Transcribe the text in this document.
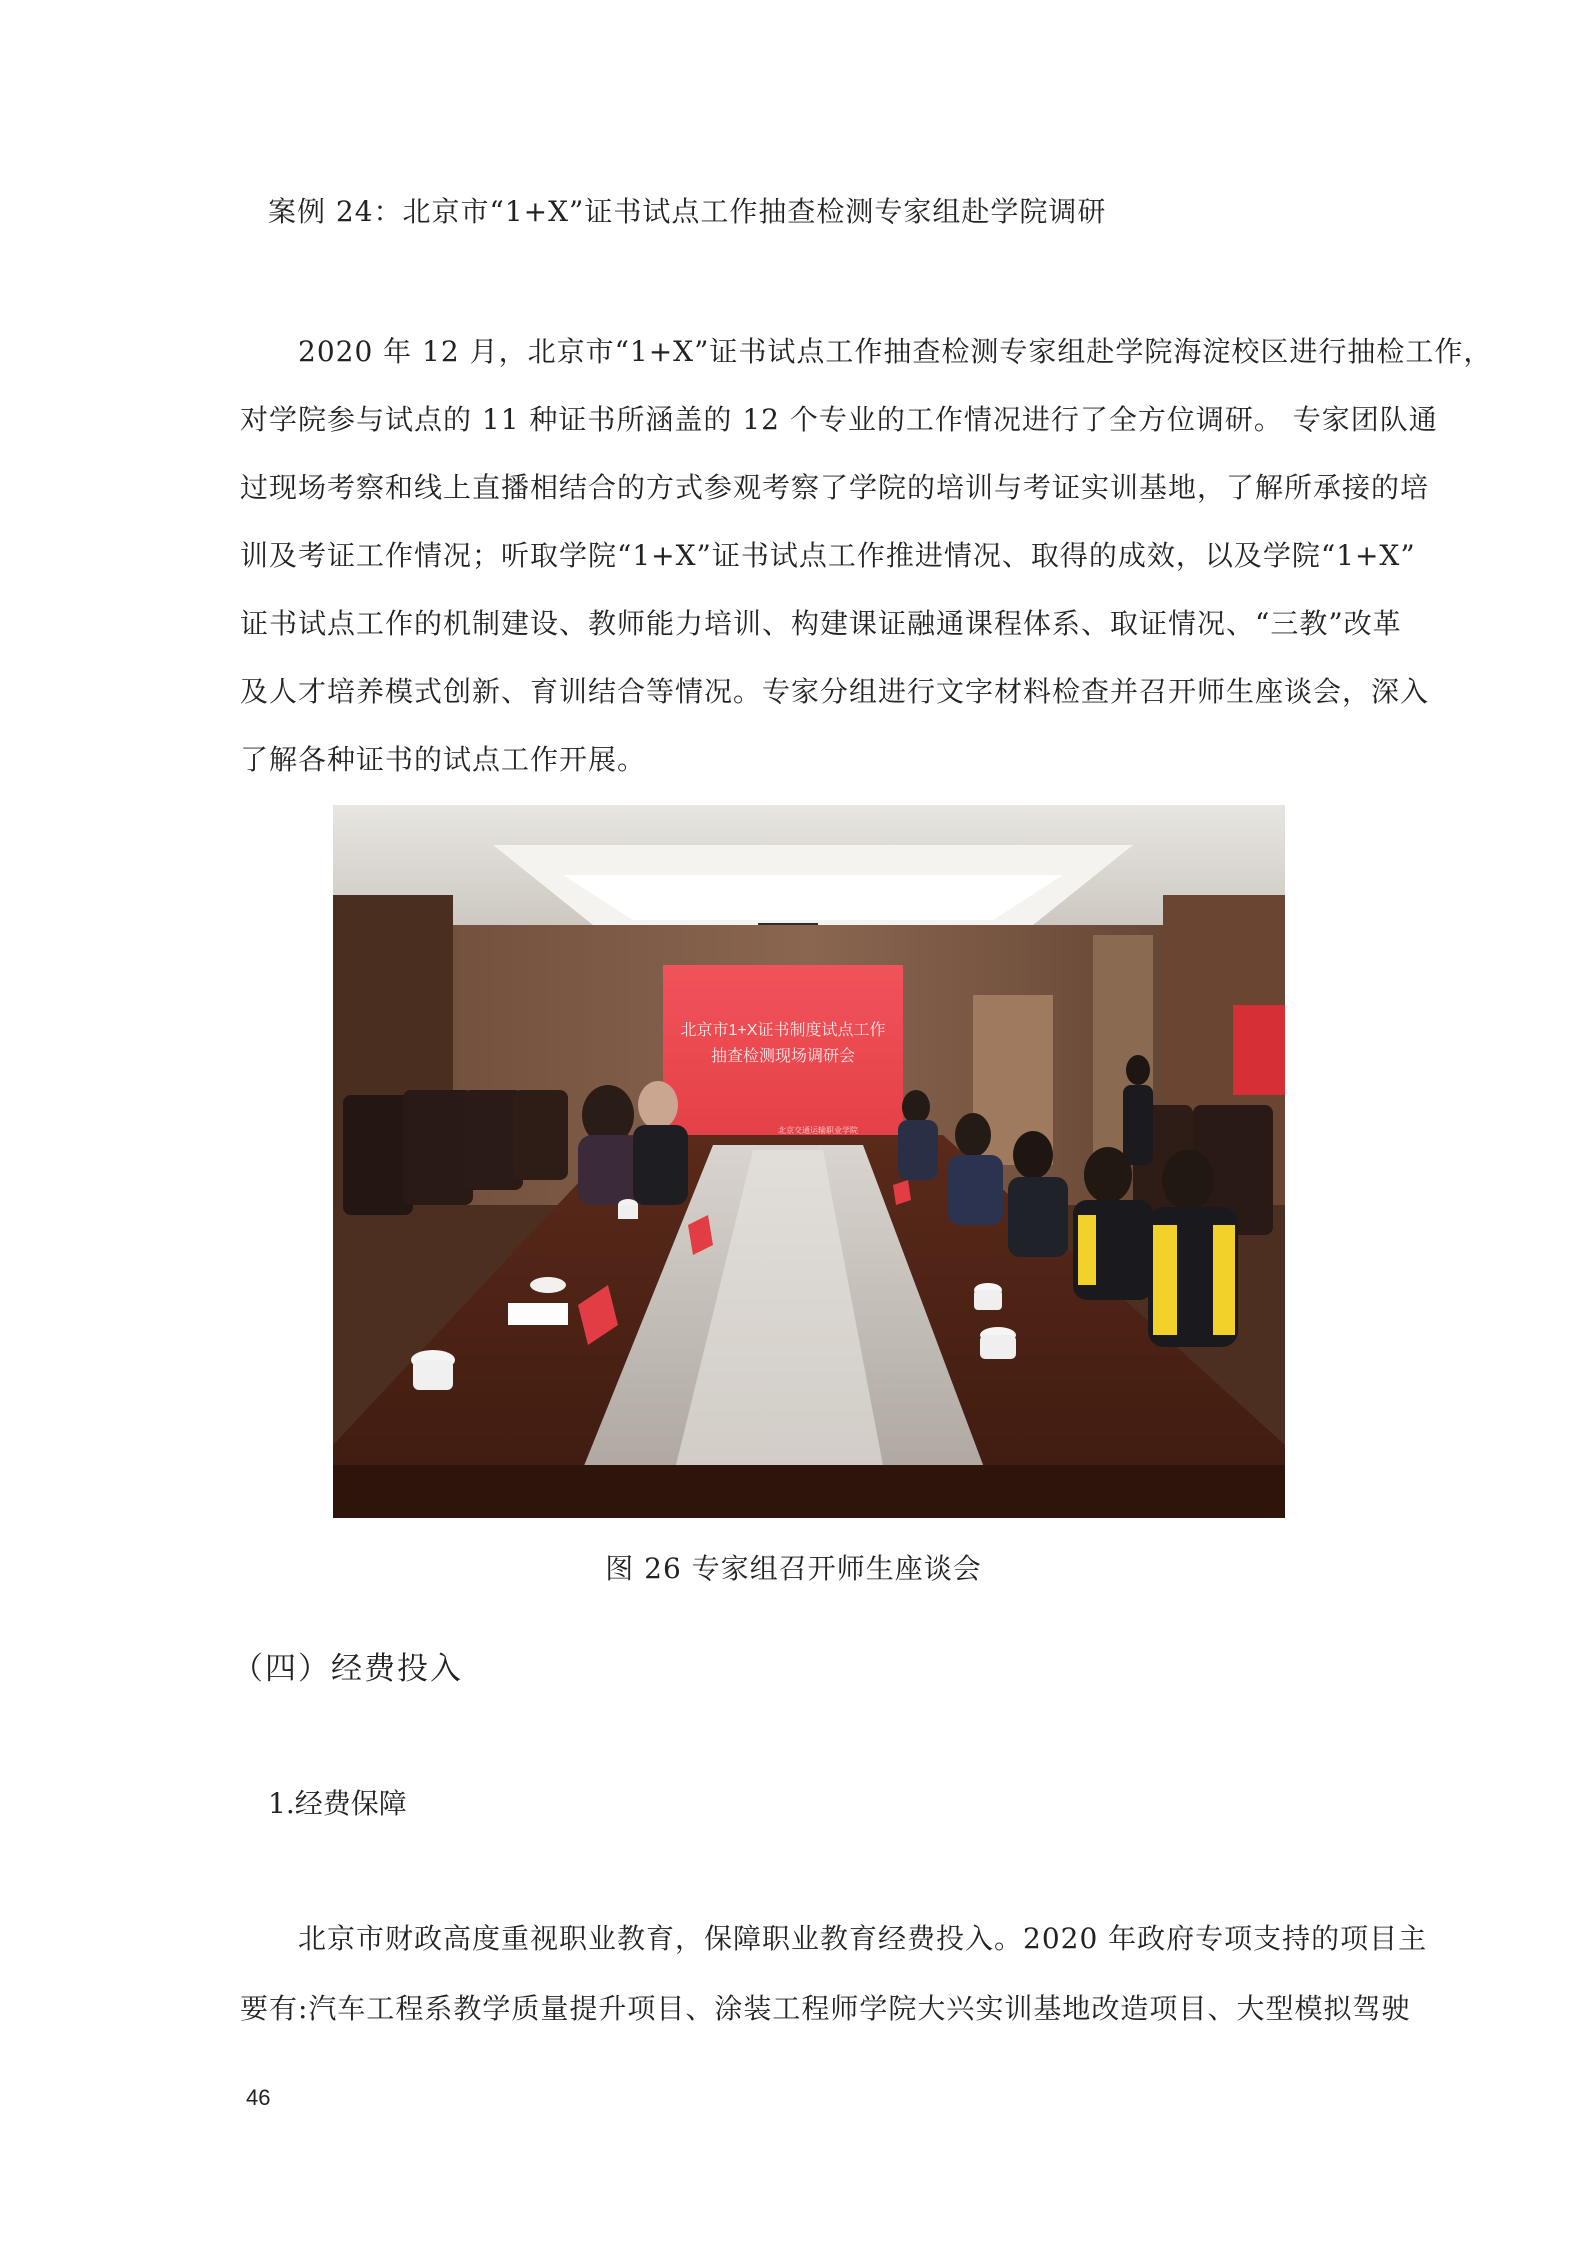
案例 24：北京市“1+X”证书试点工作抽查检测专家组赴学院调研
　　2020 年 12 月，北京市“1+X”证书试点工作抽查检测专家组赴学院海淀校区进行抽检工作，
对学院参与试点的 11 种证书所涵盖的 12 个专业的工作情况进行了全方位调研。 专家团队通
过现场考察和线上直播相结合的方式参观考察了学院的培训与考证实训基地，了解所承接的培
训及考证工作情况；听取学院“1+X”证书试点工作推进情况、取得的成效，以及学院“1+X”
证书试点工作的机制建设、教师能力培训、构建课证融通课程体系、取证情况、“三教”改革
及人才培养模式创新、育训结合等情况。专家分组进行文字材料检查并召开师生座谈会，深入
了解各种证书的试点工作开展。
北京市1+X证书制度试点工作
抽查检测现场调研会
北京交通运输职业学院
图 26 专家组召开师生座谈会
（四）经费投入
1.经费保障
　　北京市财政高度重视职业教育，保障职业教育经费投入。2020 年政府专项支持的项目主
要有:汽车工程系教学质量提升项目、涂装工程师学院大兴实训基地改造项目、大型模拟驾驶
46
